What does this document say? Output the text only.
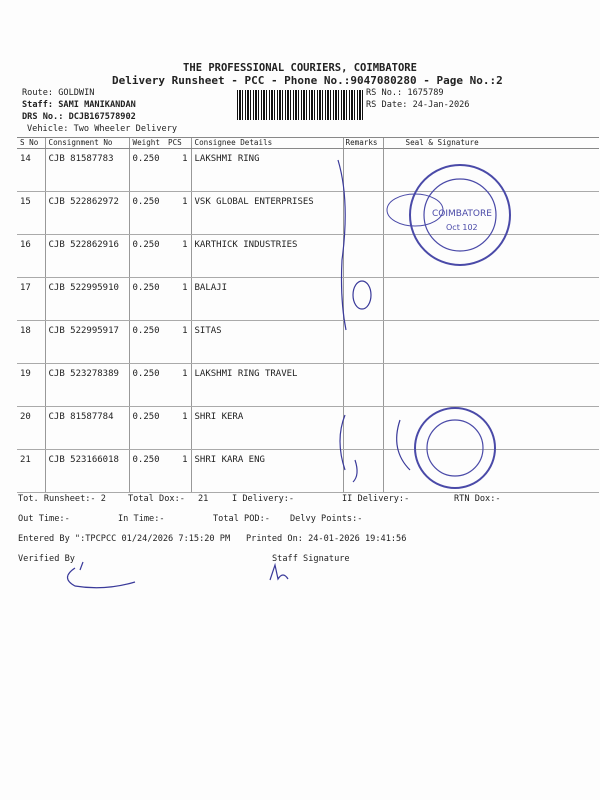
THE PROFESSIONAL COURIERS, COIMBATORE
Delivery Runsheet - PCC - Phone No.:9047080280 - Page No.:2
Route: GOLDWIN
Staff: SAMI MANIKANDAN
DRS No.: DCJB167578902
Vehicle: Two Wheeler Delivery
RS No.: 1675789
RS Date: 24-Jan-2026
S No	Consignment No	Weight	PCS	Consignee Details	Remarks	Seal & Signature
14	CJB 81587783	0.250	1	LAKSHMI RING		
15	CJB 522862972	0.250	1	VSK GLOBAL ENTERPRISES		
16	CJB 522862916	0.250	1	KARTHICK INDUSTRIES		
17	CJB 522995910	0.250	1	BALAJI		
18	CJB 522995917	0.250	1	SITAS		
19	CJB 523278389	0.250	1	LAKSHMI RING TRAVEL		
20	CJB 81587784	0.250	1	SHRI KERA		
21	CJB 523166018	0.250	1	SHRI KARA ENG		
COIMBATORE
Oct 102
Tot. Runsheet:- 2	Total Dox:- 21	I Delivery:-	II Delivery:-	RTN Dox:-
Out Time:-	In Time:-	Total POD:- Delvy Points:-
Entered By ":TPCPCC 01/24/2026 7:15:20 PM Printed On: 24-01-2026 19:41:56
Verified By	Staff Signature
